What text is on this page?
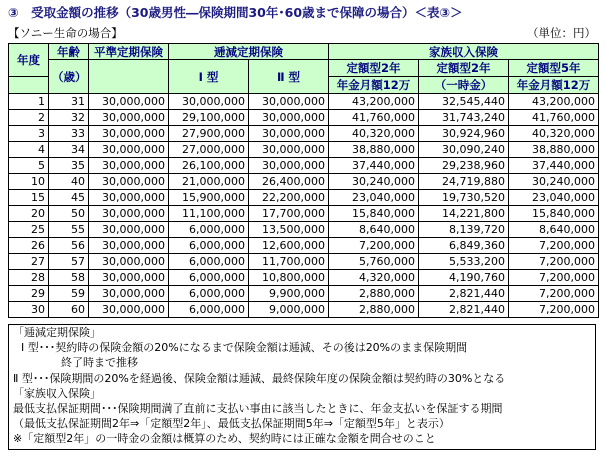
③　受取金額の推移（30歳男性―保険期間30年･60歳まで保障の場合）＜表③＞
【ソニー生命の場合】	（単位：円）
年度	年齢	平準定期保険	逓減定期保険		家族収入保険		
	（歳）		Ⅰ 型	Ⅱ 型	定額型2年	定額型2年	定額型5年
					年金月額12万	（一時金）	年金月額12万
1	31	30,000,000	30,000,000	30,000,000	43,200,000	32,545,440	43,200,000
2	32	30,000,000	29,100,000	30,000,000	41,760,000	31,743,240	41,760,000
3	33	30,000,000	27,900,000	30,000,000	40,320,000	30,924,960	40,320,000
4	34	30,000,000	27,000,000	30,000,000	38,880,000	30,090,240	38,880,000
5	35	30,000,000	26,100,000	30,000,000	37,440,000	29,238,960	37,440,000
10	40	30,000,000	21,000,000	26,400,000	30,240,000	24,719,880	30,240,000
15	45	30,000,000	15,900,000	22,200,000	23,040,000	19,730,520	23,040,000
20	50	30,000,000	11,100,000	17,700,000	15,840,000	14,221,800	15,840,000
25	55	30,000,000	6,000,000	13,500,000	8,640,000	8,139,720	8,640,000
26	56	30,000,000	6,000,000	12,600,000	7,200,000	6,849,360	7,200,000
27	57	30,000,000	6,000,000	11,700,000	5,760,000	5,533,200	7,200,000
28	58	30,000,000	6,000,000	10,800,000	4,320,000	4,190,760	7,200,000
29	59	30,000,000	6,000,000	9,900,000	2,880,000	2,821,440	7,200,000
30	60	30,000,000	6,000,000	9,000,000	2,880,000	2,821,440	7,200,000
「逓減定期保険」
Ⅰ 型･･･契約時の保険金額の20%になるまで保険金額は逓減、その後は20%のまま保険期間
終了時まで推移
Ⅱ 型･･･保険期間の20%を経過後、保険金額は逓減、最終保険年度の保険金額は契約時の30%となる
「家族収入保険」
最低支払保証期間･･･保険期間満了直前に支払い事由に該当したときに、年金支払いを保証する期間
（最低支払保証期間2年⇒「定額型2年」、最低支払保証期間5年⇒「定額型5年」と表示）
※「定額型2年」の一時金の金額は概算のため、契約時には正確な金額を問合せのこと
